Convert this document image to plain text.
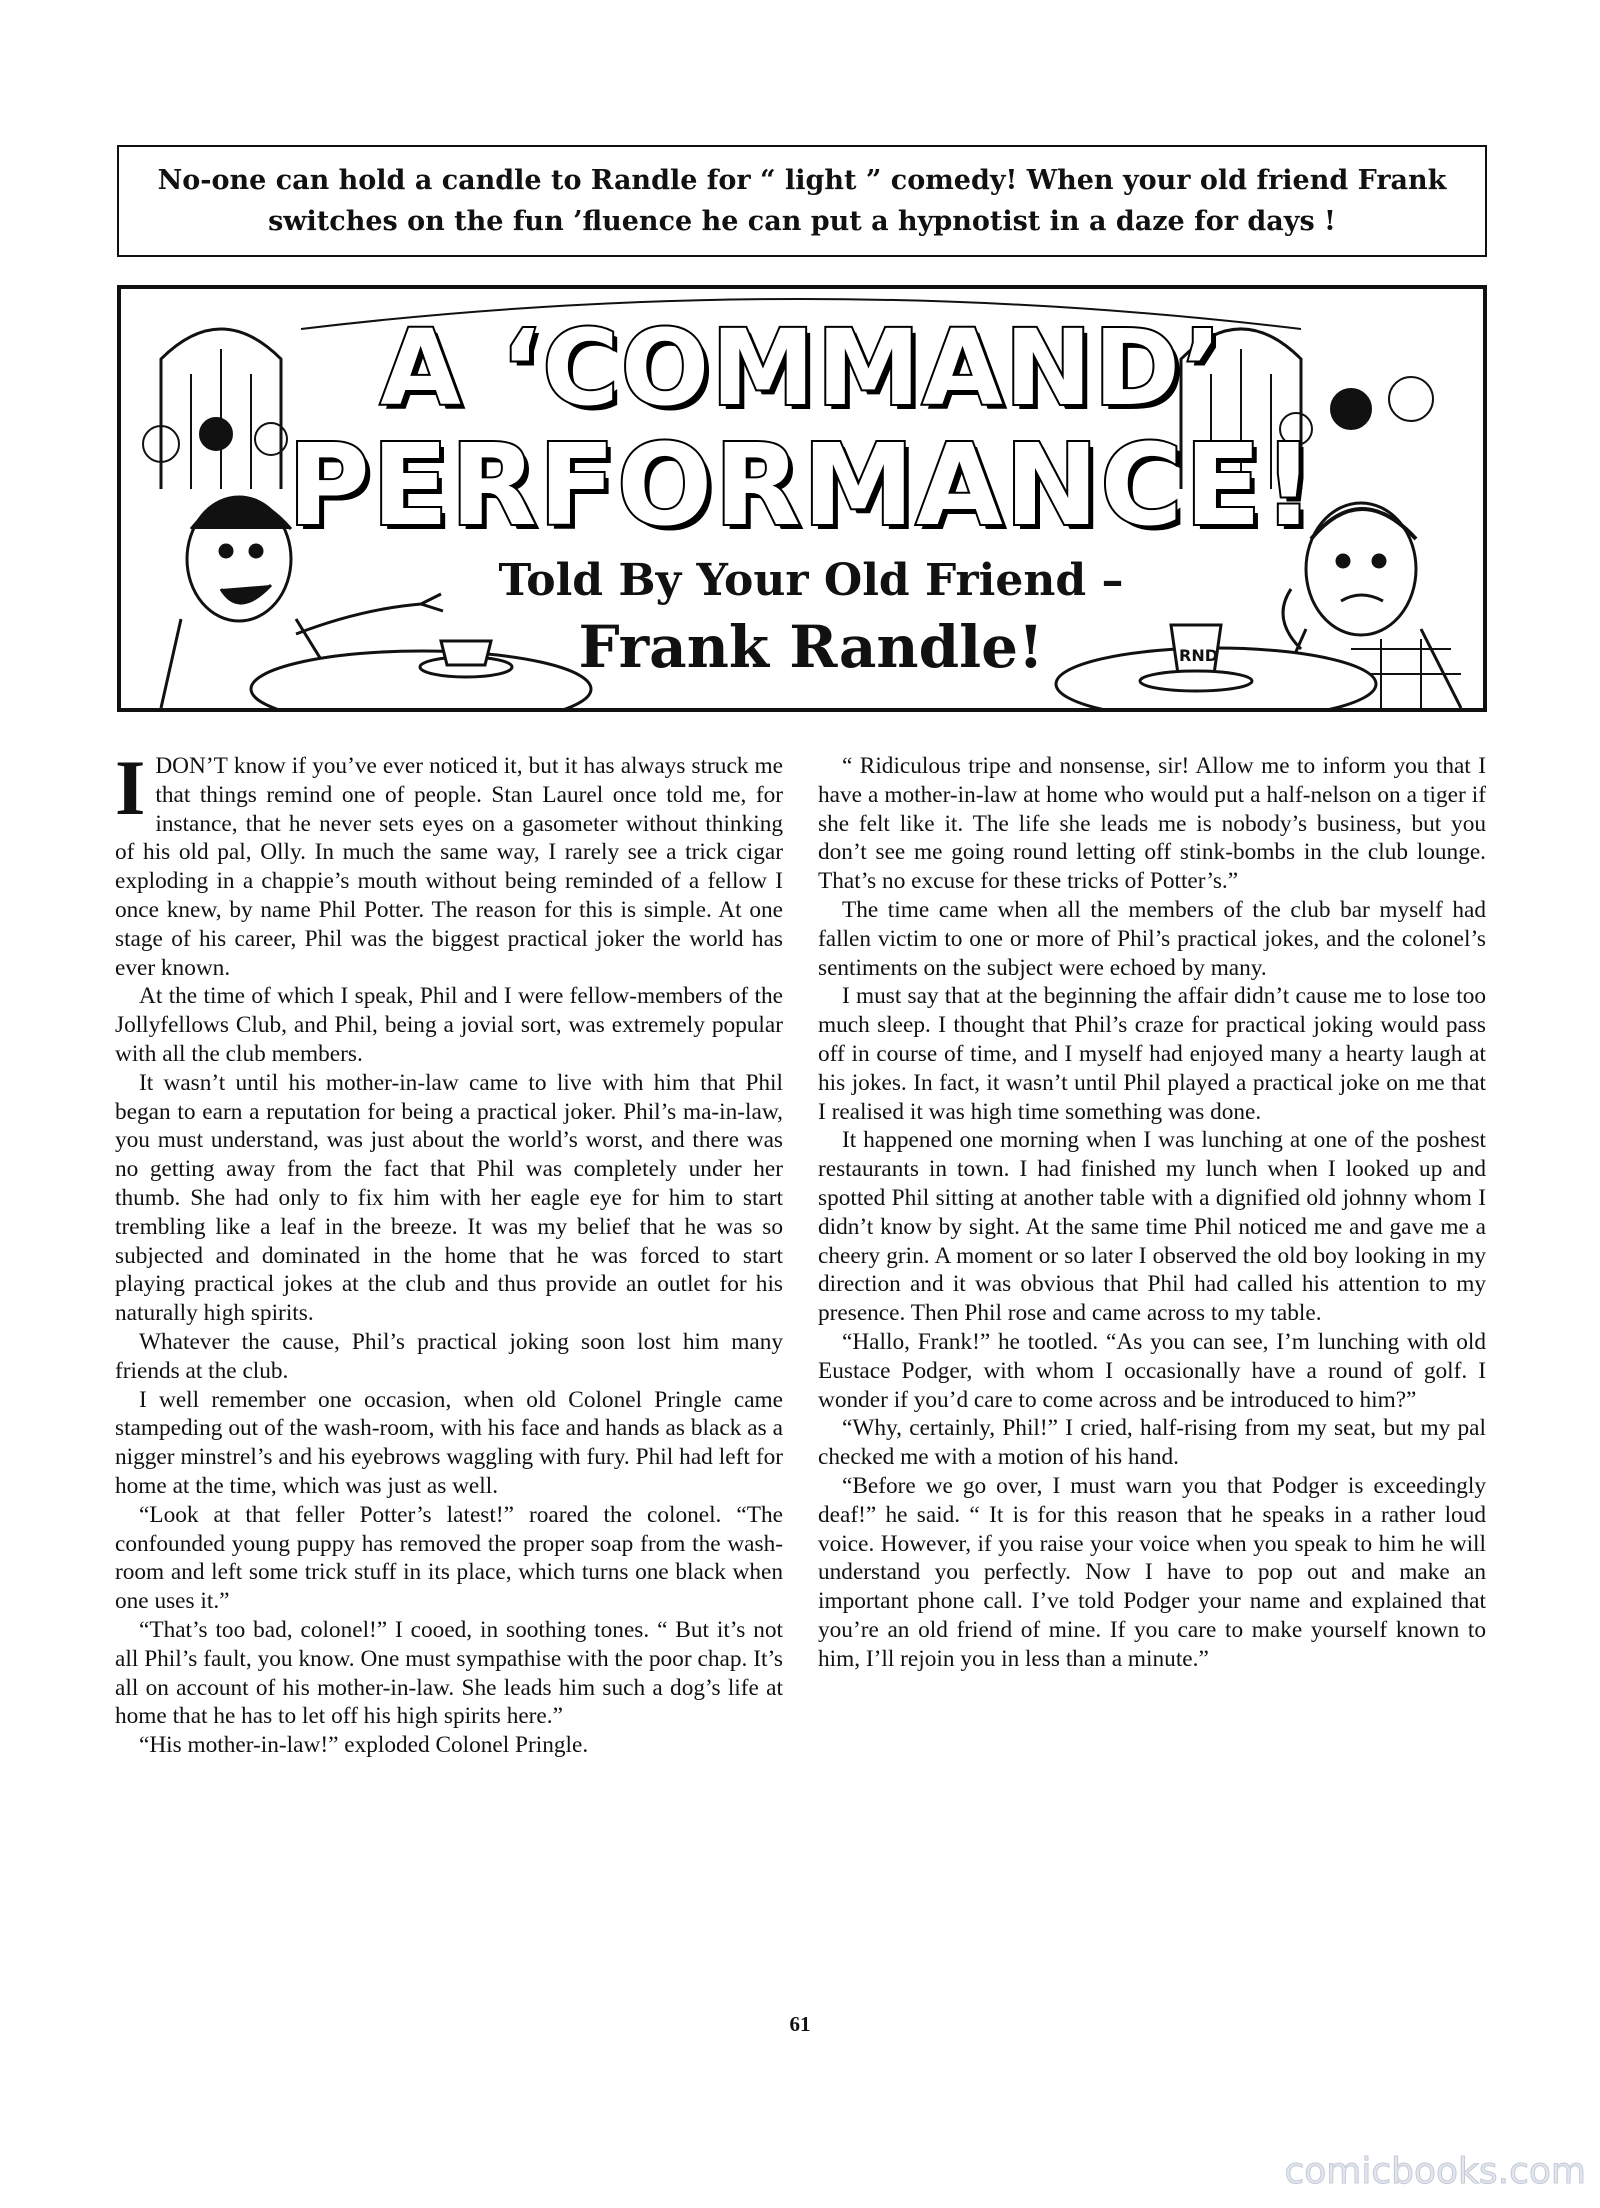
No-one can hold a candle to Randle for “ light ” comedy! When your old friend Frank
switches on the fun ’fluence he can put a hypnotist in a daze for days !
RND
A ‘COMMAND’
PERFORMANCE!
Told By Your Old Friend –
Frank Randle!

IDON’T know if you’ve ever noticed it, but it has always struck me that things remind one of people. Stan Laurel once told me, for instance, that he never sets eyes on a gasometer without thinking of his old pal, Olly. In much the same way, I rarely see a trick cigar exploding in a chappie’s mouth without being reminded of a fellow I once knew, by name Phil Potter. The reason for this is simple. At one stage of his career, Phil was the biggest practical joker the world has ever known.

At the time of which I speak, Phil and I were fellow-members of the Jollyfellows Club, and Phil, being a jovial sort, was extremely popular with all the club members.

It wasn’t until his mother-in-law came to live with him that Phil began to earn a reputation for being a practical joker. Phil’s ma-in-law, you must understand, was just about the world’s worst, and there was no getting away from the fact that Phil was completely under her thumb. She had only to fix him with her eagle eye for him to start trembling like a leaf in the breeze. It was my belief that he was so subjected and dominated in the home that he was forced to start playing practical jokes at the club and thus provide an outlet for his naturally high spirits.

Whatever the cause, Phil’s practical joking soon lost him many friends at the club.

I well remember one occasion, when old Colonel Pringle came stampeding out of the wash-room, with his face and hands as black as a nigger minstrel’s and his eyebrows waggling with fury. Phil had left for home at the time, which was just as well.

“Look at that feller Potter’s latest!” roared the colonel. “The confounded young puppy has removed the proper soap from the wash-room and left some trick stuff in its place, which turns one black when one uses it.”

“That’s too bad, colonel!” I cooed, in soothing tones. “ But it’s not all Phil’s fault, you know. One must sympathise with the poor chap. It’s all on account of his mother-in-law. She leads him such a dog’s life at home that he has to let off his high spirits here.”

“His mother-in-law!” exploded Colonel Pringle.

“ Ridiculous tripe and nonsense, sir! Allow me to inform you that I have a mother-in-law at home who would put a half-nelson on a tiger if she felt like it. The life she leads me is nobody’s business, but you don’t see me going round letting off stink-bombs in the club lounge. That’s no excuse for these tricks of Potter’s.”

The time came when all the members of the club bar myself had fallen victim to one or more of Phil’s practical jokes, and the colonel’s sentiments on the subject were echoed by many.

I must say that at the beginning the affair didn’t cause me to lose too much sleep. I thought that Phil’s craze for practical joking would pass off in course of time, and I myself had enjoyed many a hearty laugh at his jokes. In fact, it wasn’t until Phil played a practical joke on me that I realised it was high time something was done.

It happened one morning when I was lunching at one of the poshest restaurants in town. I had finished my lunch when I looked up and spotted Phil sitting at another table with a dignified old johnny whom I didn’t know by sight. At the same time Phil noticed me and gave me a cheery grin. A moment or so later I observed the old boy looking in my direction and it was obvious that Phil had called his attention to my presence. Then Phil rose and came across to my table.

“Hallo, Frank!” he tootled. “As you can see, I’m lunching with old Eustace Podger, with whom I occasionally have a round of golf. I wonder if you’d care to come across and be introduced to him?”

“Why, certainly, Phil!” I cried, half-rising from my seat, but my pal checked me with a motion of his hand.

“Before we go over, I must warn you that Podger is exceedingly deaf!” he said. “ It is for this reason that he speaks in a rather loud voice. However, if you raise your voice when you speak to him he will understand you perfectly. Now I have to pop out and make an important phone call. I’ve told Podger your name and explained that you’re an old friend of mine. If you care to make yourself known to him, I’ll rejoin you in less than a minute.”

61
comicbooks.com
